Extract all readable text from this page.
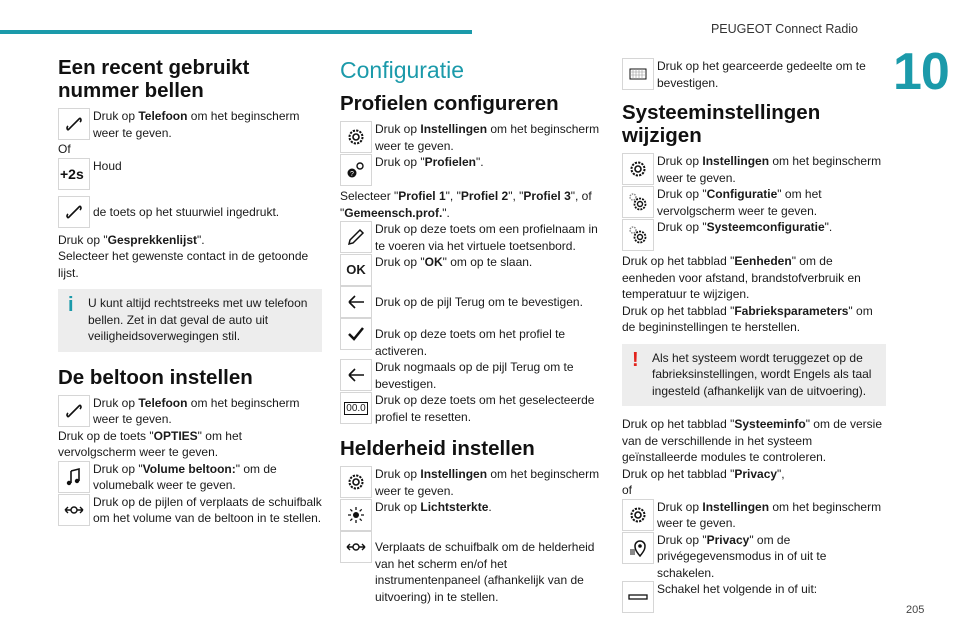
PEUGEOT Connect Radio
10
205
Een recent gebruikt nummer bellen
Druk op Telefoon om het beginscherm weer te geven.

Of

+2s Houd
de toets op het stuurwiel ingedrukt.

Druk op "Gesprekkenlijst".

Selecteer het gewenste contact in de getoonde lijst.

i U kunt altijd rechtstreeks met uw telefoon bellen. Zet in dat geval de auto uit veiligheidsoverwegingen stil.
De beltoon instellen
Druk op Telefoon om het beginscherm weer te geven.

Druk op de toets "OPTIES" om het vervolgscherm weer te geven.

Druk op "Volume beltoon:" om de volumebalk weer te geven.
Druk op de pijlen of verplaats de schuifbalk om het volume van de beltoon in te stellen.
Configuratie
Profielen configureren
Druk op Instellingen om het beginscherm weer te geven.
?
Druk op "Profielen".

Selecteer "Profiel 1", "Profiel 2", "Profiel 3", of "Gemeensch.prof.".

Druk op deze toets om een profielnaam in te voeren via het virtuele toetsenbord.
OK Druk op "OK" om op te slaan.
Druk op de pijl Terug om te bevestigen.
Druk op deze toets om het profiel te activeren.
Druk nogmaals op de pijl Terug om te bevestigen.
00.0
Druk op deze toets om het geselecteerde profiel te resetten.
Helderheid instellen
Druk op Instellingen om het beginscherm weer te geven.
Druk op Lichtsterkte.
Verplaats de schuifbalk om de helderheid van het scherm en/of het instrumentenpaneel (afhankelijk van de uitvoering) in te stellen.
Druk op het gearceerde gedeelte om te bevestigen.
Systeeminstellingen wijzigen
Druk op Instellingen om het beginscherm weer te geven.
Druk op "Configuratie" om het vervolgscherm weer te geven.
Druk op "Systeemconfiguratie".

Druk op het tabblad "Eenheden" om de eenheden voor afstand, brandstofverbruik en temperatuur te wijzigen.

Druk op het tabblad "Fabrieksparameters" om de begininstellingen te herstellen.

! Als het systeem wordt teruggezet op de fabrieksinstellingen, wordt Engels als taal ingesteld (afhankelijk van de uitvoering).

Druk op het tabblad "Systeeminfo" om de versie van de verschillende in het systeem geïnstalleerde modules te controleren.

Druk op het tabblad "Privacy",

of

Druk op Instellingen om het beginscherm weer te geven.
Druk op "Privacy" om de privégegevensmodus in of uit te schakelen.
Schakel het volgende in of uit:
